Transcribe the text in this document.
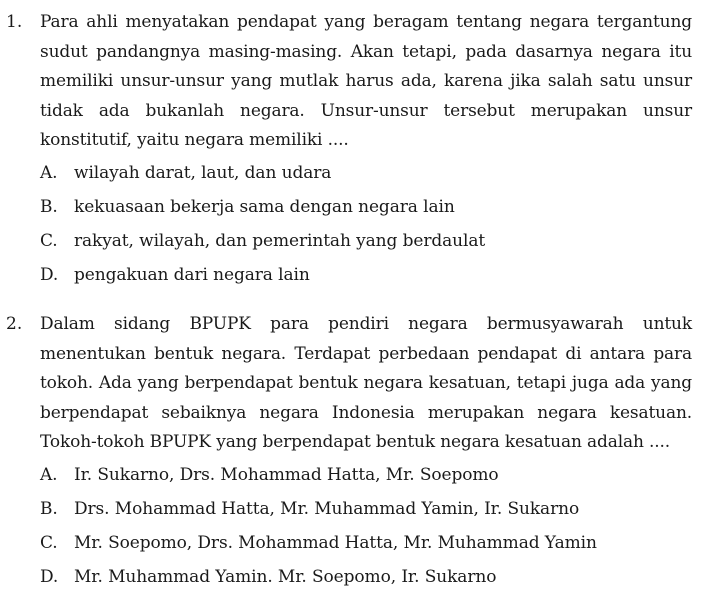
1.	Para ahli menyatakan pendapat yang beragam tentang negara tergantung sudut pandangnya masing-masing. Akan tetapi, pada dasarnya negara itu memiliki unsur-unsur yang mutlak harus ada, karena jika salah satu unsur tidak ada bukanlah negara. Unsur-unsur tersebut merupakan unsur konstitutif, yaitu negara memiliki ....

A. wilayah darat, laut, dan udara
B. kekuasaan bekerja sama dengan negara lain
C. rakyat, wilayah, dan pemerintah yang berdaulat
D. pengakuan dari negara lain
2.	Dalam sidang BPUPK para pendiri negara bermusyawarah untuk menentukan bentuk negara. Terdapat perbedaan pendapat di antara para tokoh. Ada yang berpendapat bentuk negara kesatuan, tetapi juga ada yang berpendapat sebaiknya negara Indonesia merupakan negara kesatuan. Tokoh-tokoh BPUPK yang berpendapat bentuk negara kesatuan adalah ....

A. Ir. Sukarno, Drs. Mohammad Hatta, Mr. Soepomo
B. Drs. Mohammad Hatta, Mr. Muhammad Yamin, Ir. Sukarno
C. Mr. Soepomo, Drs. Mohammad Hatta, Mr. Muhammad Yamin
D. Mr. Muhammad Yamin. Mr. Soepomo, Ir. Sukarno
